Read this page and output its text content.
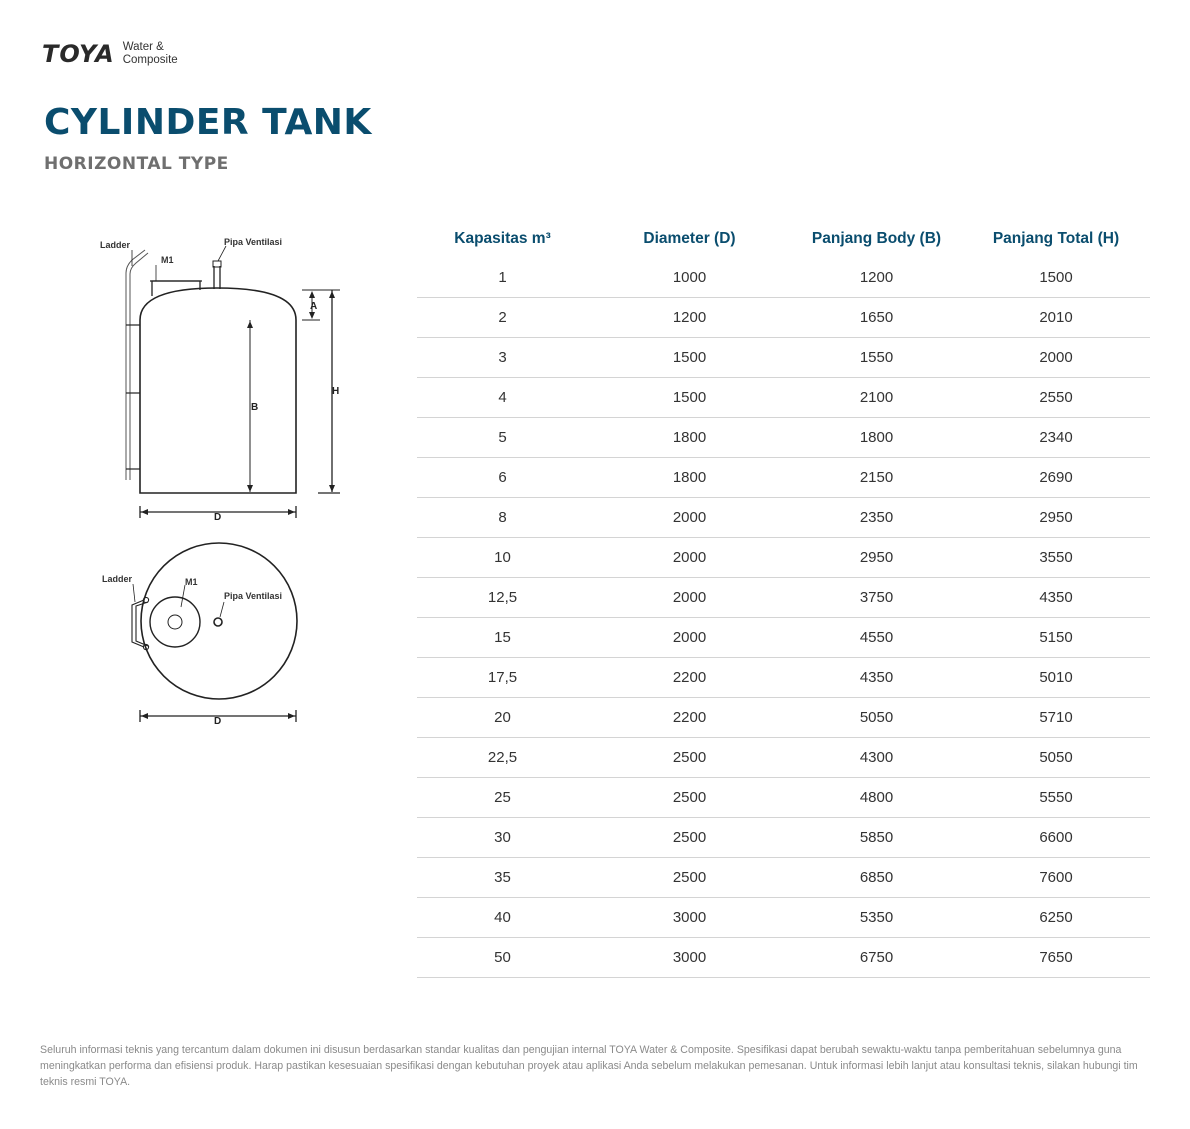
TOYA Water &
Composite
CYLINDER TANK
HORIZONTAL TYPE
Ladder
M1
Pipa Ventilasi
A
B
H
D
Ladder	M1
Pipa Ventilasi
D
Kapasitas m³	Diameter (D)	Panjang Body (B)	Panjang Total (H)
1	1000	1200	1500
2	1200	1650	2010
3	1500	1550	2000
4	1500	2100	2550
5	1800	1800	2340
6	1800	2150	2690
8	2000	2350	2950
10	2000	2950	3550
12,5	2000	3750	4350
15	2000	4550	5150
17,5	2200	4350	5010
20	2200	5050	5710
22,5	2500	4300	5050
25	2500	4800	5550
30	2500	5850	6600
35	2500	6850	7600
40	3000	5350	6250
50	3000	6750	7650

Seluruh informasi teknis yang tercantum dalam dokumen ini disusun berdasarkan standar kualitas dan pengujian internal TOYA Water & Composite. Spesifikasi dapat berubah sewaktu-waktu tanpa pemberitahuan sebelumnya guna meningkatkan performa dan efisiensi produk. Harap pastikan kesesuaian spesifikasi dengan kebutuhan proyek atau aplikasi Anda sebelum melakukan pemesanan. Untuk informasi lebih lanjut atau konsultasi teknis, silakan hubungi tim teknis resmi TOYA.
